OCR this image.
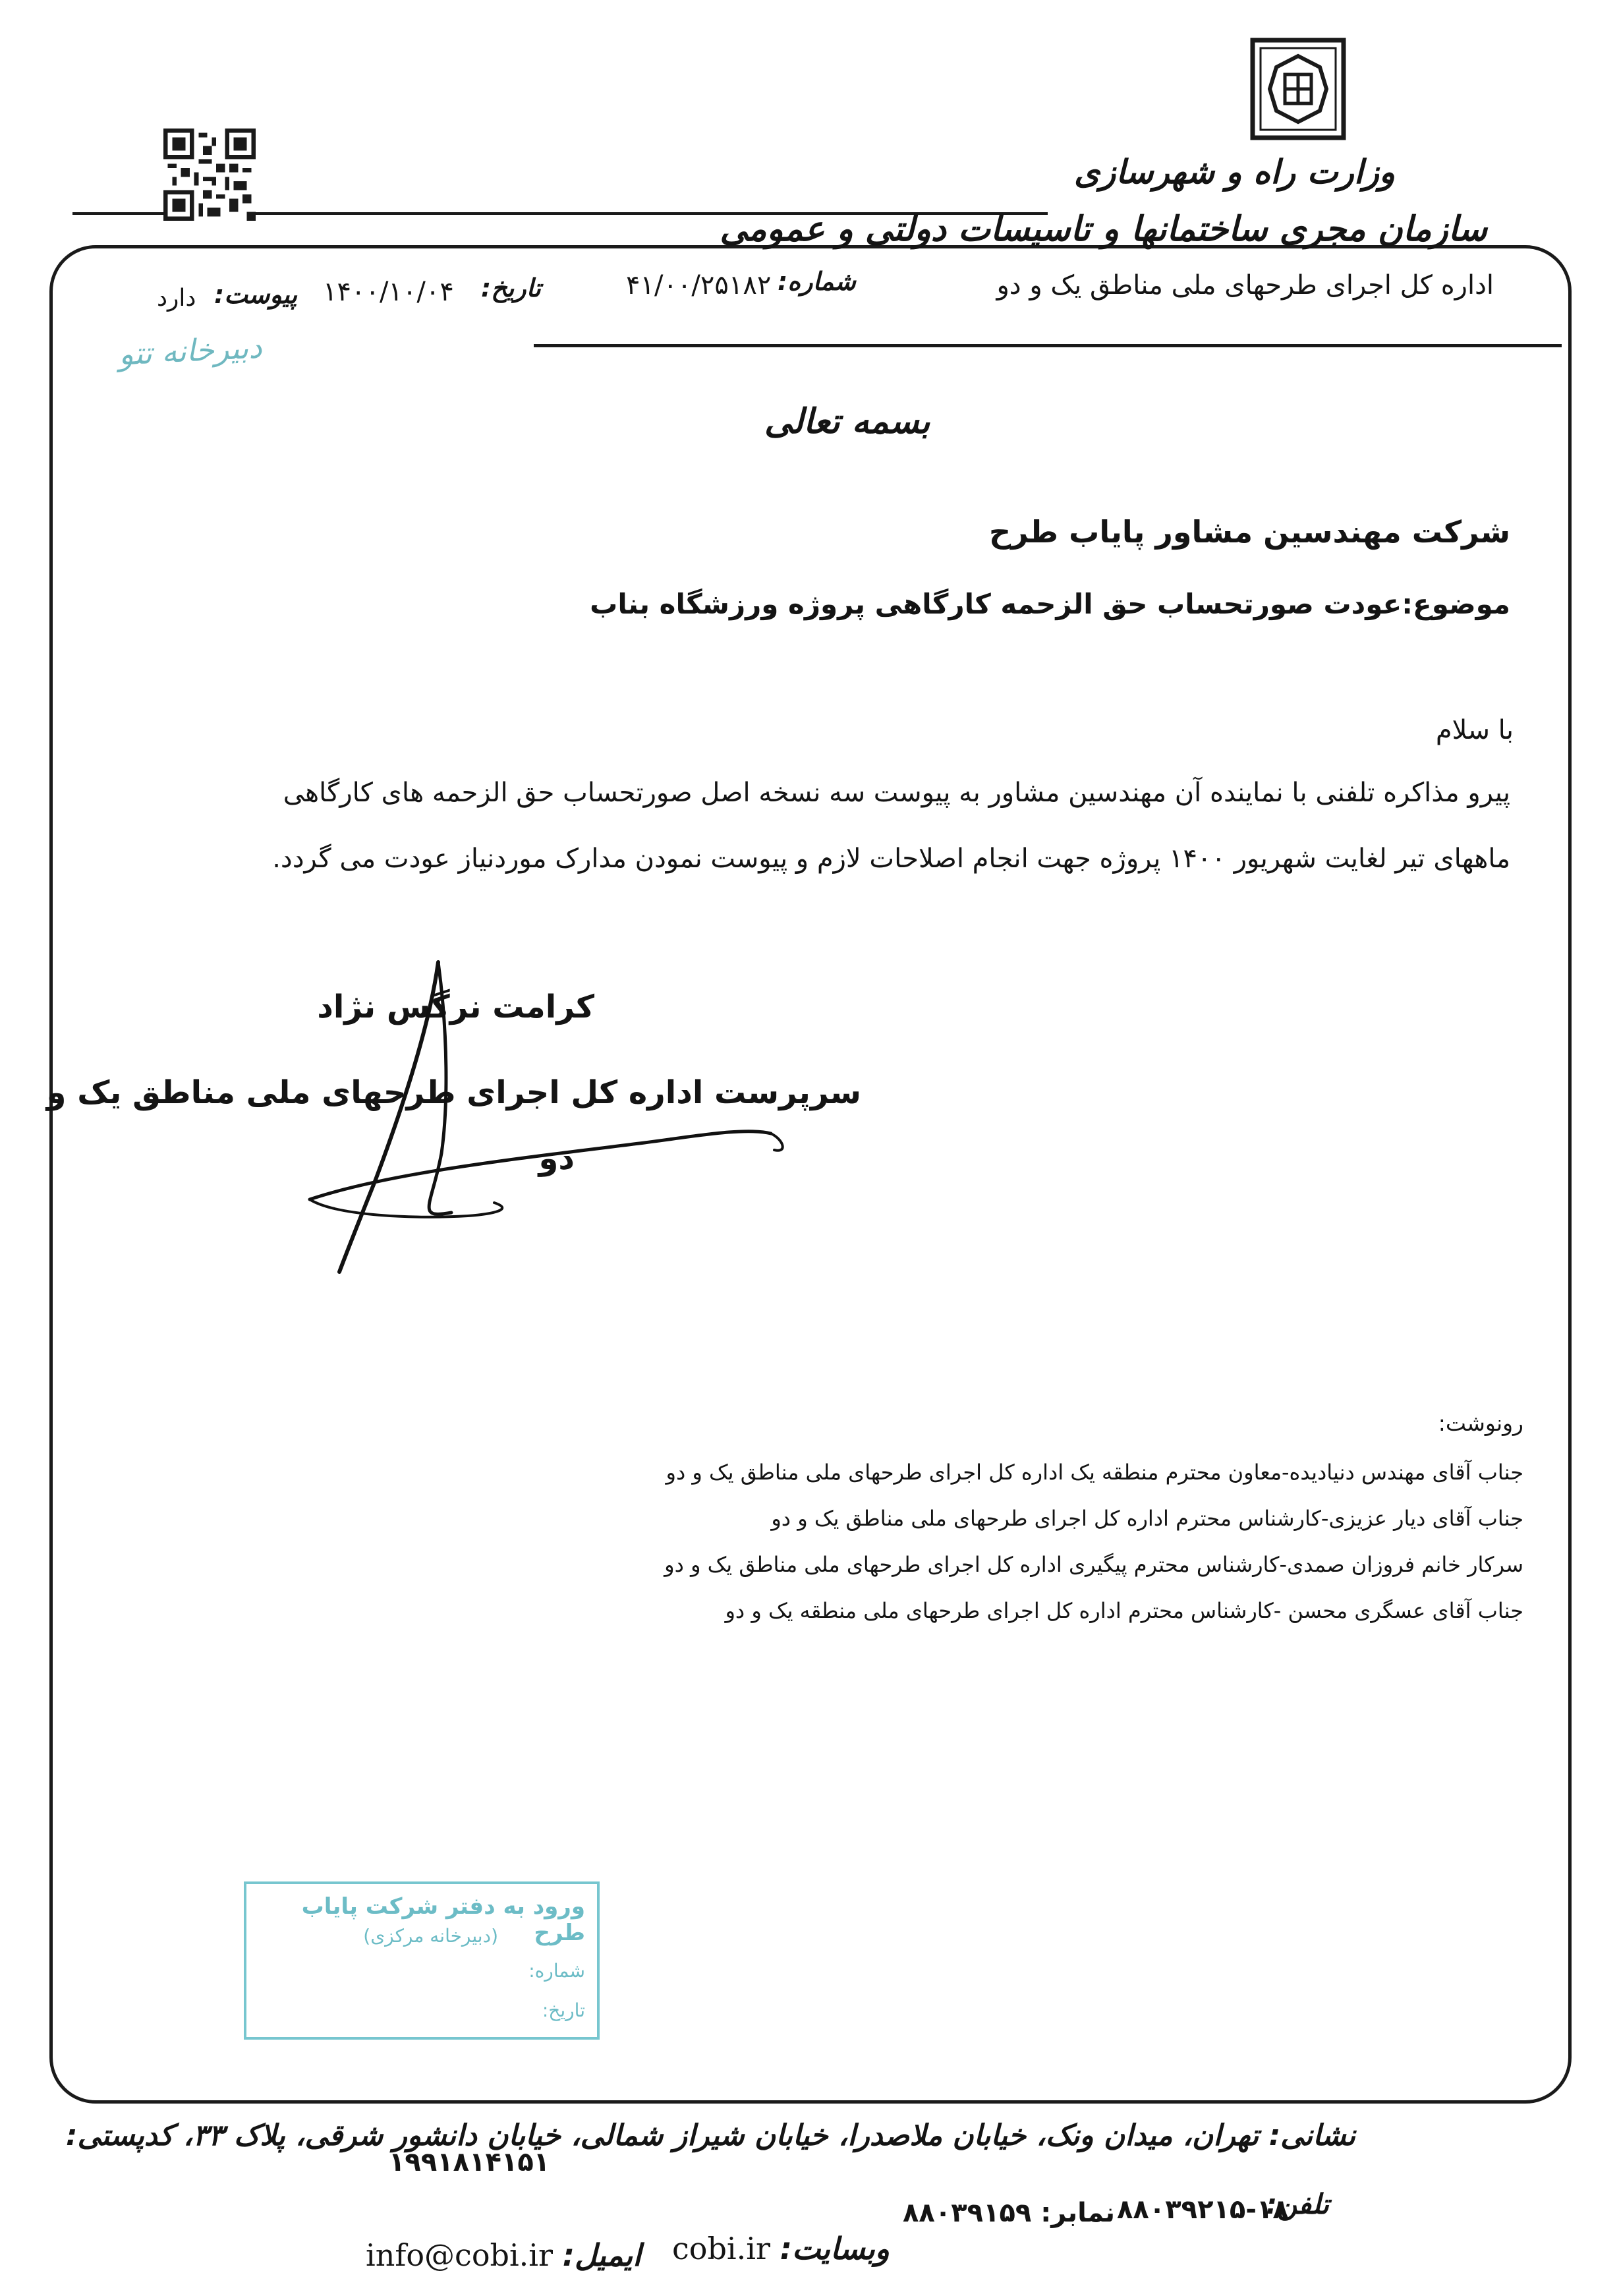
وزارت راه و شهرسازی
سازمان مجری ساختمانها و تاسیسات دولتی و عمومی
اداره کل اجرای طرحهای ملی مناطق یک و دو
شماره:
۴۱/۰۰/۲۵۱۸۲
تاریخ:
۱۴۰۰/۱۰/۰۴
پیوست:
دارد
دبیرخانه تتو
بسمه تعالی
شرکت مهندسین مشاور پایاب طرح
موضوع:عودت صورتحساب حق الزحمه کارگاهی پروژه ورزشگاه بناب
با سلام
پیرو مذاکره تلفنی با نماینده آن مهندسین مشاور به پیوست سه نسخه اصل صورتحساب حق الزحمه های کارگاهی
ماههای تیر لغایت شهریور ۱۴۰۰ پروژه جهت انجام اصلاحات لازم و پیوست نمودن مدارک موردنیاز عودت می گردد.
کرامت نرگس نژاد
سرپرست اداره کل اجرای طرحهای ملی مناطق یک و
دو
رونوشت:
جناب آقای مهندس دنیادیده-معاون محترم منطقه یک اداره کل اجرای طرحهای ملی مناطق یک و دو
جناب آقای دیار عزیزی-کارشناس محترم اداره کل اجرای طرحهای ملی مناطق یک و دو
سرکار خانم فروزان صمدی-کارشناس محترم پیگیری اداره کل اجرای طرحهای ملی مناطق یک و دو
جناب آقای عسگری محسن -کارشناس محترم اداره کل اجرای طرحهای ملی منطقه یک و دو
ورود به دفتر شرکت پایاب طرح
(دبیرخانه مرکزی)
شماره:
تاریخ:
نشانی: تهران، میدان ونک، خیابان ملاصدرا، خیابان شیراز شمالی، خیابان دانشور شرقی، پلاک ۳۳، کدپستی:
۱۹۹۱۸۱۴۱۵۱
تلفن:
۸۸۰۳۹۲۱۵-۱۸
نمابر: ۸۸۰۳۹۱۵۹
وبسایت: cobi.ir
ایمیل: info@cobi.ir
